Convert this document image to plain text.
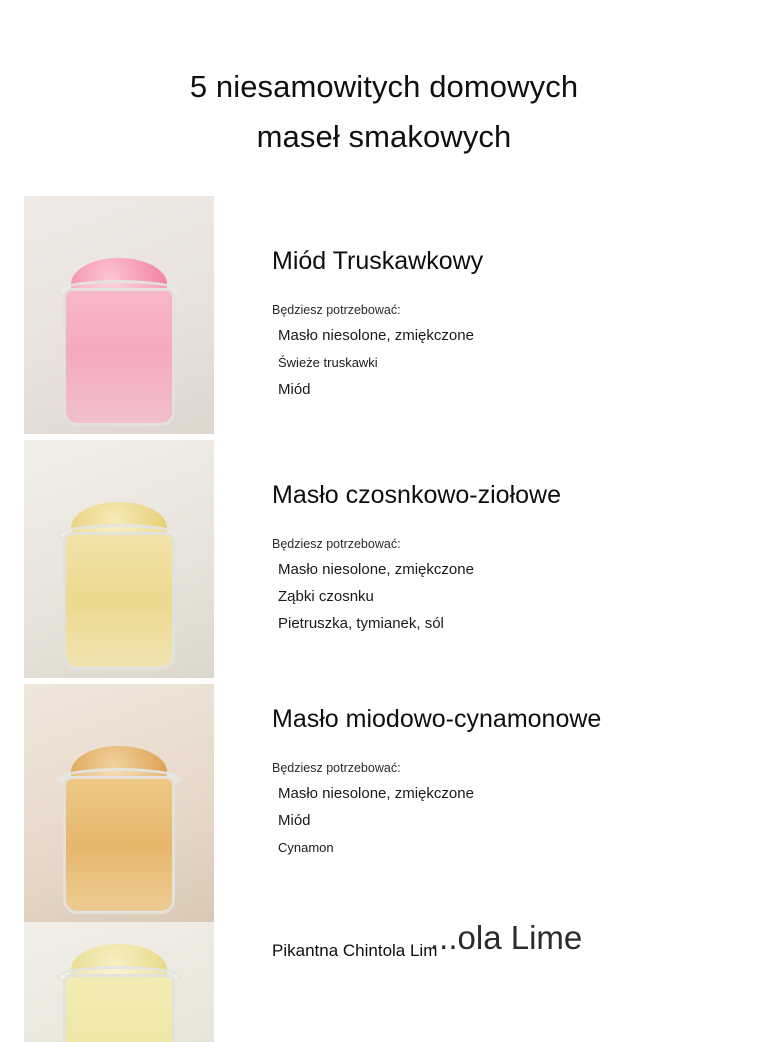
5 niesamowitych domowych
maseł smakowych
Miód Truskawkowy
Będziesz potrzebować:
Masło niesolone, zmiękczone
Świeże truskawki
Miód
Masło czosnkowo-ziołowe
Będziesz potrzebować:
Masło niesolone, zmiękczone
Ząbki czosnku
Pietruszka, tymianek, sól
Masło miodowo-cynamonowe
Będziesz potrzebować:
Masło niesolone, zmiękczone
Miód
Cynamon
Pikantna Chintola Lim
...ola Lime
